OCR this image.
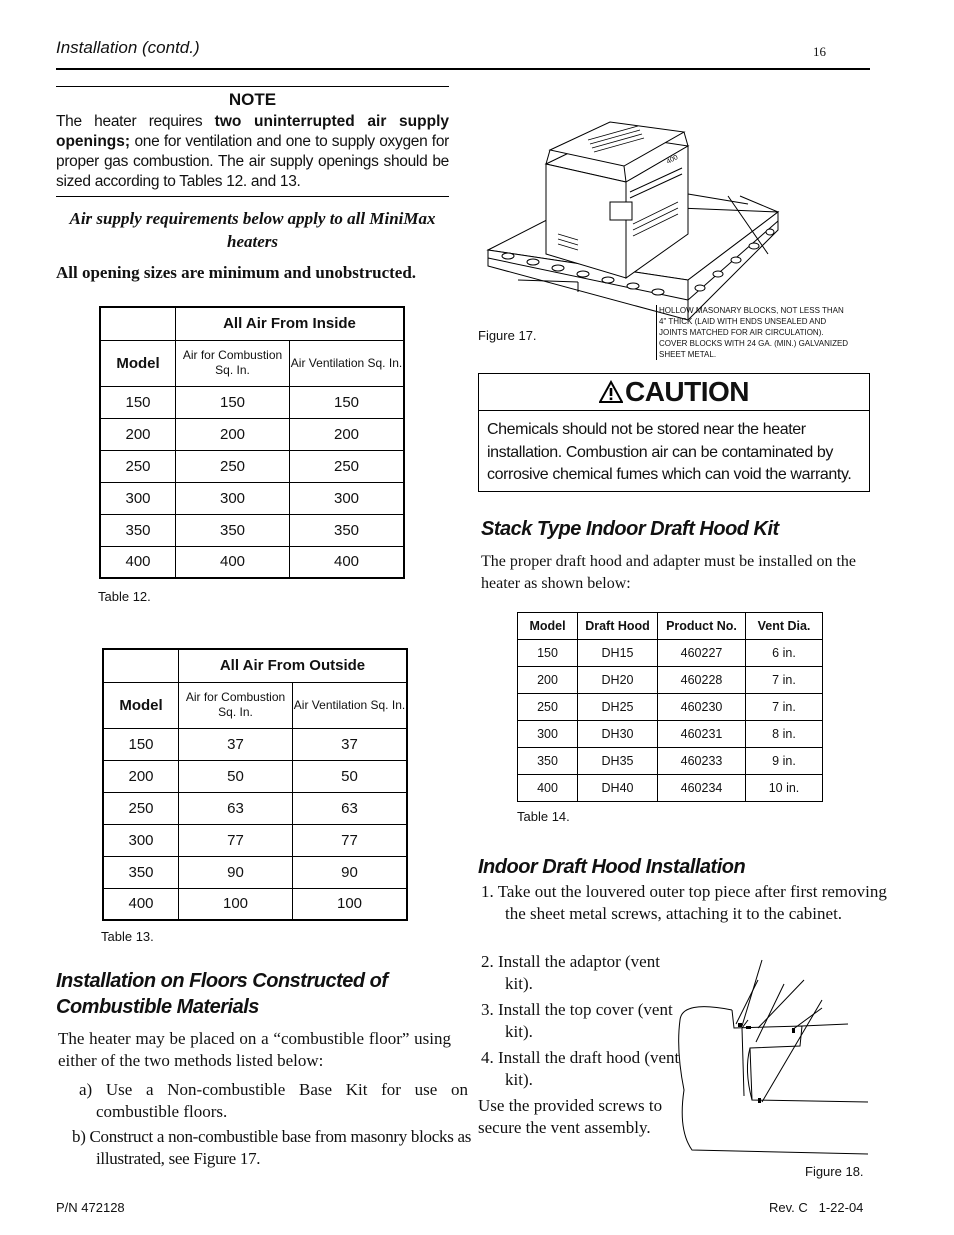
Installation (contd.)	16
NOTE
The heater requires two uninterrupted air supply openings; one for ventilation and one to supply oxygen for proper gas combustion. The air supply openings should be sized according to Tables 12. and 13.
Air supply requirements below apply to all MiniMax heaters
All opening sizes are minimum and unobstructed.
	All Air From Inside	
Model	Air for Combustion Sq. In.	Air Ventilation Sq. In.
150	150	150
200	200	200
250	250	250
300	300	300
350	350	350
400	400	400
Table 12.
	All Air From Outside	
Model	Air for Combustion Sq. In.	Air Ventilation Sq. In.
150	37	37
200	50	50
250	63	63
300	77	77
350	90	90
400	100	100
Table 13.
Installation on Floors Constructed of Combustible Materials
The heater may be placed on a “combustible floor” using either of the two methods listed below:
a) Use a Non-combustible Base Kit for use on combustible floors.
b) Construct a non-combustible base from masonry blocks as illustrated, see Figure 17.
400
Figure 17.
HOLLOW MASONARY BLOCKS, NOT LESS THAN 4" THICK (LAID WITH ENDS UNSEALED AND JOINTS MATCHED FOR AIR CIRCULATION). COVER BLOCKS WITH 24 GA. (MIN.) GALVANIZED SHEET METAL.
CAUTION
Chemicals should not be stored near the heater installation. Combustion air can be contaminated by corrosive chemical fumes which can void the warranty.
Stack Type Indoor Draft Hood Kit
The proper draft hood and adapter must be installed on the heater as shown below:
Model	Draft Hood	Product No.	Vent Dia.
150	DH15	460227	6 in.
200	DH20	460228	7 in.
250	DH25	460230	7 in.
300	DH30	460231	8 in.
350	DH35	460233	9 in.
400	DH40	460234	10 in.
Table 14.
Indoor Draft Hood Installation
1. Take out the louvered outer top piece after first removing the sheet metal screws, attaching it to the cabinet.
2. Install the adaptor (vent kit).
3. Install the top cover (vent kit).
4. Install the draft hood (vent kit).
Use the provided screws to secure the vent assembly.
Figure 18.
P/N 472128	Rev. C   1-22-04
